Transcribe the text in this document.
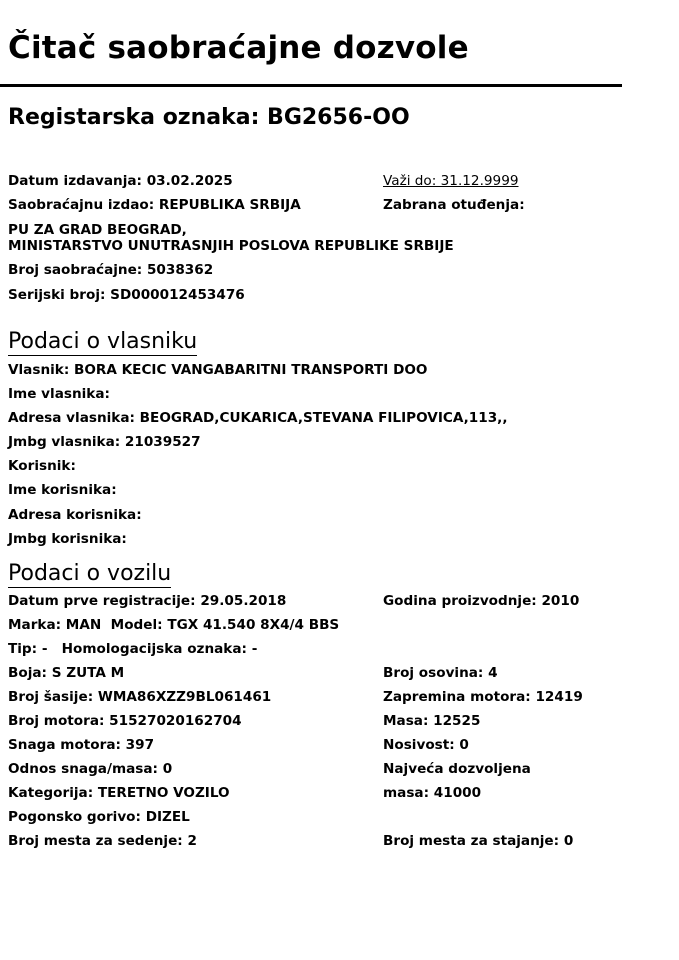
Čitač saobraćajne dozvole
Registarska oznaka: BG2656-OO
Datum izdavanja: 03.02.2025	Važi do: 31.12.9999
Saobraćajnu izdao: REPUBLIKA SRBIJA	Zabrana otuđenja:
PU ZA GRAD BEOGRAD,
MINISTARSTVO UNUTRASNJIH POSLOVA REPUBLIKE SRBIJE
Broj saobraćajne: 5038362
Serijski broj: SD000012453476
Podaci o vlasniku
Vlasnik: BORA KECIC VANGABARITNI TRANSPORTI DOO
Ime vlasnika:
Adresa vlasnika: BEOGRAD,CUKARICA,STEVANA FILIPOVICA,113,,
Jmbg vlasnika: 21039527
Korisnik:
Ime korisnika:
Adresa korisnika:
Jmbg korisnika:
Podaci o vozilu
Datum prve registracije: 29.05.2018	Godina proizvodnje: 2010
Marka: MAN  Model: TGX 41.540 8X4/4 BBS
Tip: -   Homologacijska oznaka: -
Boja: S ZUTA M	Broj osovina: 4
Broj šasije: WMA86XZZ9BL061461	Zapremina motora: 12419
Broj motora: 51527020162704	Masa: 12525
Snaga motora: 397	Nosivost: 0
Odnos snaga/masa: 0	Najveća dozvoljena
Kategorija: TERETNO VOZILO	masa: 41000
Pogonsko gorivo: DIZEL
Broj mesta za sedenje: 2	Broj mesta za stajanje: 0
